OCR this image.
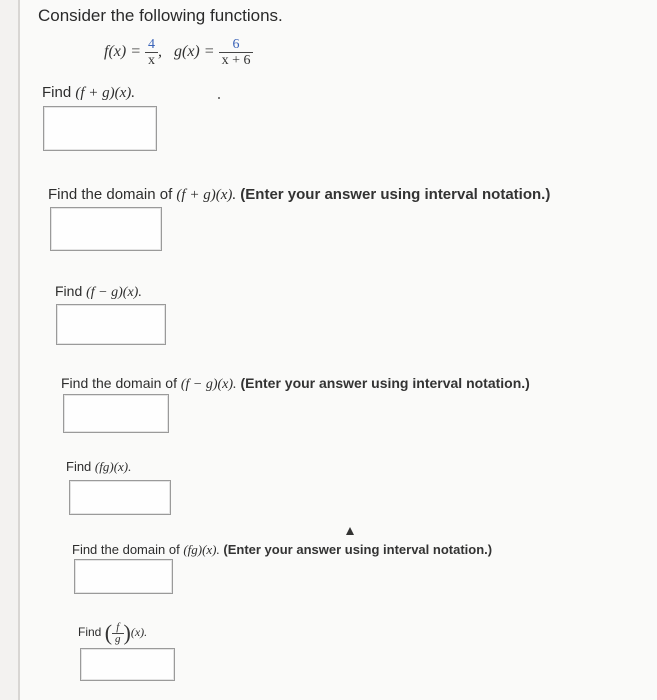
Consider the following functions.
$f(x) = \frac{4}{x}$ , $g(x) = \frac{6}{x + 6}$
Find (f + g)(x).
Find the domain of (f + g)(x). (Enter your answer using interval notation.)
Find (f − g)(x).
Find the domain of (f − g)(x). (Enter your answer using interval notation.)
Find (fg)(x).
Find the domain of (fg)(x). (Enter your answer using interval notation.)
Find ( $\frac{f}{g} )(x)$.
